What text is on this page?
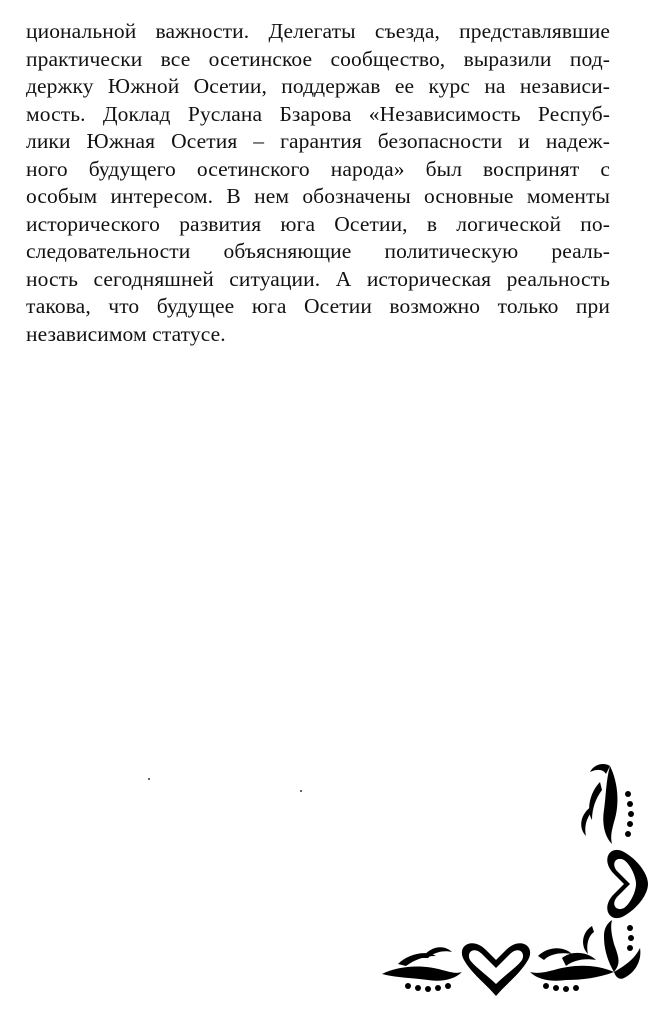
циональной важности. Делегаты съезда, представлявшие
практически все осетинское сообщество, выразили под-
держку Южной Осетии, поддержав ее курс на независи-
мость. Доклад Руслана Бзарова «Независимость Респуб-
лики Южная Осетия – гарантия безопасности и надеж-
ного будущего осетинского народа» был воспринят с
особым интересом. В нем обозначены основные моменты
исторического развития юга Осетии, в логической по-
следовательности объясняющие политическую реаль-
ность сегодняшней ситуации. А историческая реальность
такова, что будущее юга Осетии возможно только при
независимом статусе.
